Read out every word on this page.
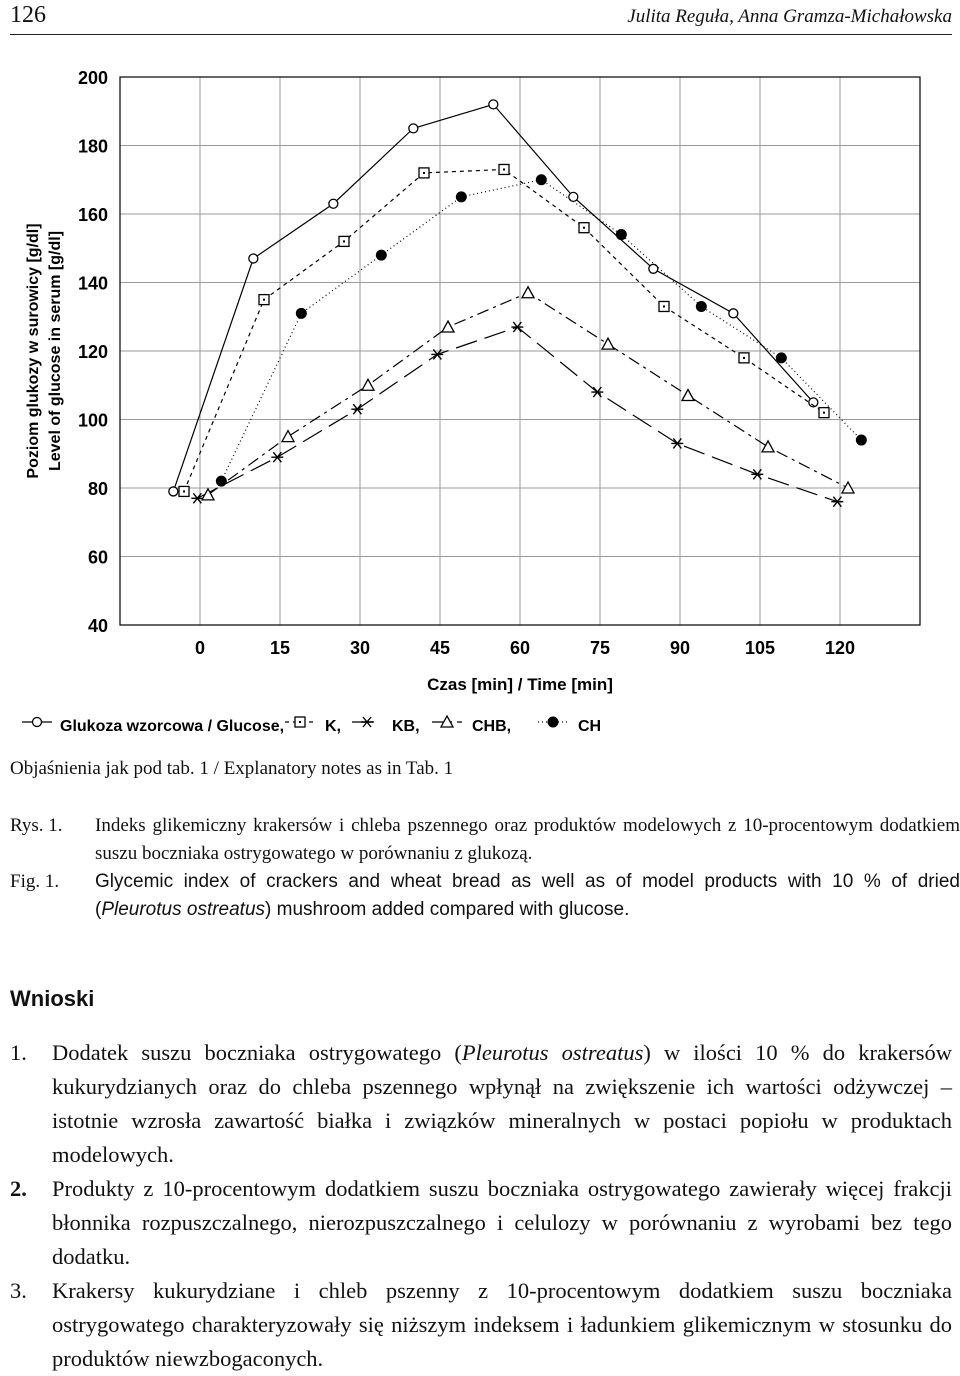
126	Julita Reguła, Anna Gramza-Michałowska
40
60
80
100
120
140
160
180
200
0	15	30	45	60	75	90	105	120
Czas [min] / Time [min]
Poziom glukozy w surowicy [g/dl] Level of glucose in serum [g/dl]
Glukoza wzorcowa / Glucose,	K,	KB,	CHB,	CH
Objaśnienia jak pod tab. 1 / Explanatory notes as in Tab. 1
Rys. 1.	Indeks glikemiczny krakersów i chleba pszennego oraz produktów modelowych z 10-procentowym dodatkiem suszu boczniaka ostrygowatego w porównaniu z glukozą.
Fig. 1.	Glycemic index of crackers and wheat bread as well as of model products with 10 % of dried (Pleurotus ostreatus) mushroom added compared with glucose.
Wnioski
1. Dodatek suszu boczniaka ostrygowatego (Pleurotus ostreatus) w ilości 10 % do krakersów kukurydzianych oraz do chleba pszennego wpłynął na zwiększenie ich wartości odżywczej – istotnie wzrosła zawartość białka i związków mineralnych w postaci popiołu w produktach modelowych.
2. Produkty z 10-procentowym dodatkiem suszu boczniaka ostrygowatego zawierały więcej frakcji błonnika rozpuszczalnego, nierozpuszczalnego i celulozy w porównaniu z wyrobami bez tego dodatku.
3. Krakersy kukurydziane i chleb pszenny z 10-procentowym dodatkiem suszu boczniaka ostrygowatego charakteryzowały się niższym indeksem i ładunkiem glikemicznym w stosunku do produktów niewzbogaconych.
